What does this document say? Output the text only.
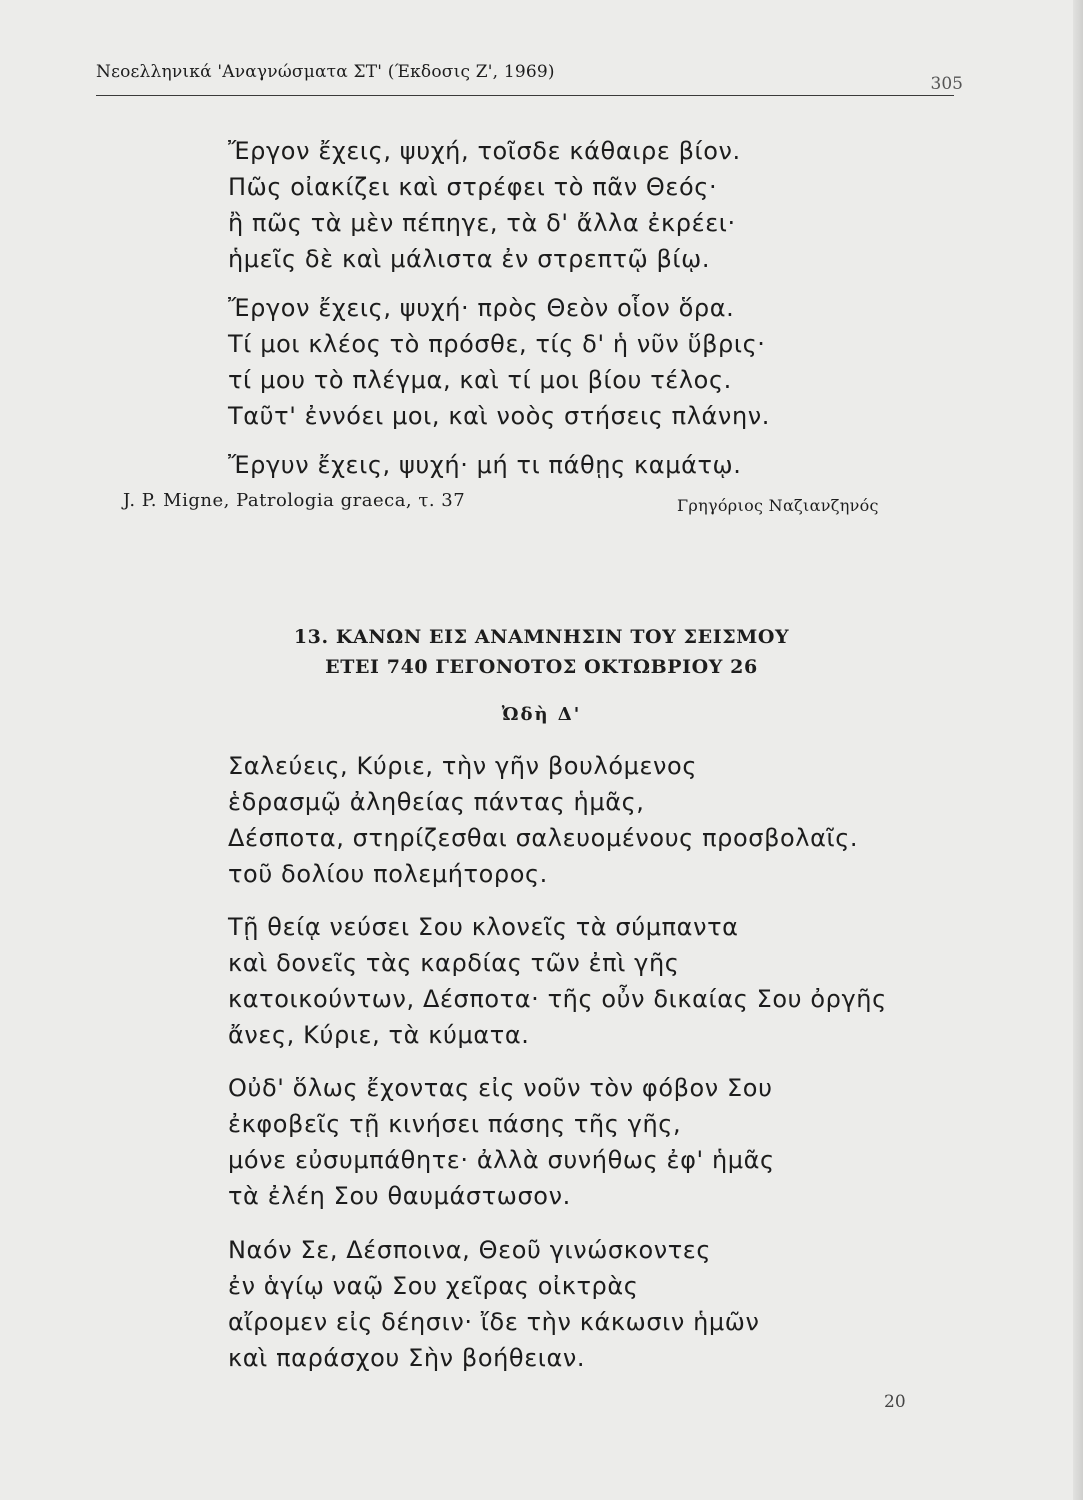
Νεοελληνικά 'Αναγνώσματα ΣΤ' (Έκδοσις Ζ', 1969)
305
Ἔργον ἔχεις, ψυχή, τοῖσδε κάθαιρε βίον.
Πῶς οἰακίζει καὶ στρέφει τὸ πᾶν Θεός·
ἢ πῶς τὰ μὲν πέπηγε, τὰ δ' ἄλλα ἐκρέει·
ἡμεῖς δὲ καὶ μάλιστα ἐν στρεπτῷ βίῳ.
Ἔργον ἔχεις, ψυχή· πρὸς Θεὸν οἷον ὅρα.
Τί μοι κλέος τὸ πρόσθε, τίς δ' ἡ νῦν ὕβρις·
τί μου τὸ πλέγμα, καὶ τί μοι βίου τέλος.
Ταῦτ' ἐννόει μοι, καὶ νοὸς στήσεις πλάνην.
Ἔργυν ἔχεις, ψυχή· μή τι πάθῃς καμάτῳ.
J. P. Migne, Patrologia graeca, τ. 37	Γρηγόριος Ναζιανζηνός
13. ΚΑΝΩΝ ΕΙΣ ΑΝΑΜΝΗΣΙΝ ΤΟΥ ΣΕΙΣΜΟΥ
ΕΤΕΙ 740 ΓΕΓΟΝΟΤΟΣ ΟΚΤΩΒΡΙΟΥ 26
Ὠδὴ Δ'
Σαλεύεις, Κύριε, τὴν γῆν βουλόμενος
ἑδρασμῷ ἀληθείας πάντας ἡμᾶς,
Δέσποτα, στηρίζεσθαι σαλευομένους προσβολαῖς.
τοῦ δολίου πολεμήτορος.
Τῇ θείᾳ νεύσει Σου κλονεῖς τὰ σύμπαντα
καὶ δονεῖς τὰς καρδίας τῶν ἐπὶ γῆς
κατοικούντων, Δέσποτα· τῆς οὖν δικαίας Σου ὀργῆς
ἄνες, Κύριε, τὰ κύματα.
Οὐδ' ὅλως ἔχοντας εἰς νοῦν τὸν φόβον Σου
ἐκφοβεῖς τῇ κινήσει πάσης τῆς γῆς,
μόνε εὐσυμπάθητε· ἀλλὰ συνήθως ἐφ' ἡμᾶς
τὰ ἐλέη Σου θαυμάστωσον.
Ναόν Σε, Δέσποινα, Θεοῦ γινώσκοντες
ἐν ἁγίῳ ναῷ Σου χεῖρας οἰκτρὰς
αἴρομεν εἰς δέησιν· ἴδε τὴν κάκωσιν ἡμῶν
καὶ παράσχου Σὴν βοήθειαν.
20
